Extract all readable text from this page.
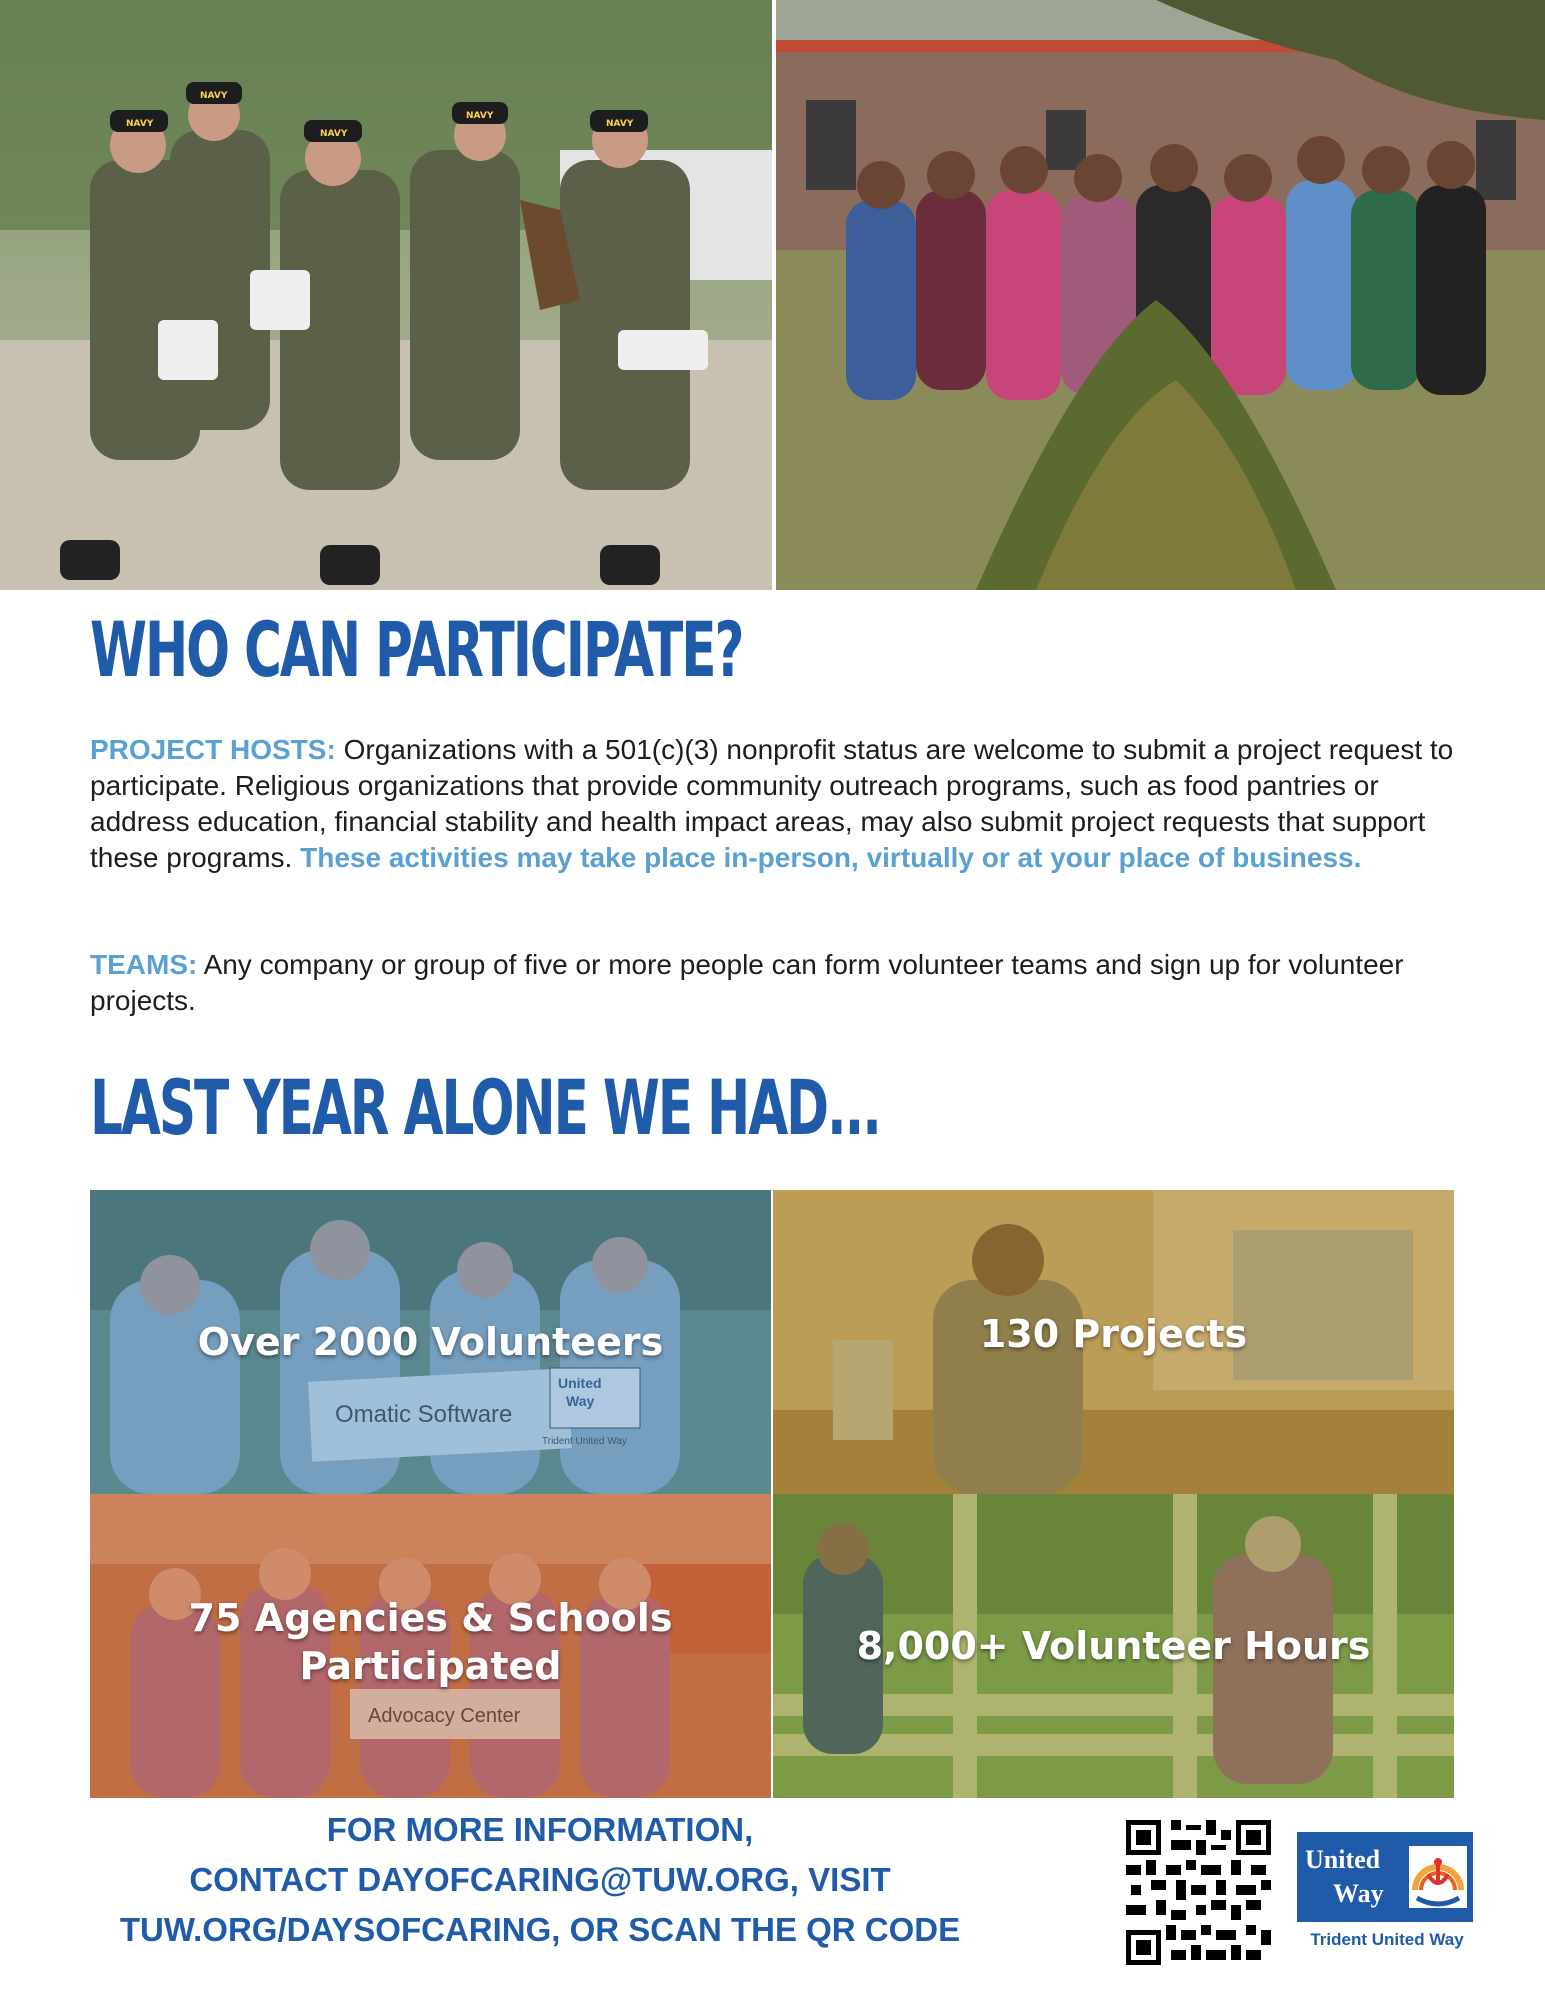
NAVY
NAVY
NAVY
NAVY
NAVY
WHO CAN PARTICIPATE?

PROJECT HOSTS: Organizations with a 501(c)(3) nonprofit status are welcome to submit a project request to participate. Religious organizations that provide community outreach programs, such as food pantries or address education, financial stability and health impact areas, may also submit project requests that support these programs. These activities may take place in-person, virtually or at your place of business.

TEAMS: Any company or group of five or more people can form volunteer teams and sign up for volunteer projects.

LAST YEAR ALONE WE HAD...
Omatic Software
United
Way
Trident United Way
Over 2000 Volunteers	130 Projects
Advocacy Center
75 Agencies & Schools Participated	8,000+ Volunteer Hours
FOR MORE INFORMATION,
CONTACT DAYOFCARING@TUW.ORG, VISIT
TUW.ORG/DAYSOFCARING, OR SCAN THE QR CODE
United
Way
Trident United Way
